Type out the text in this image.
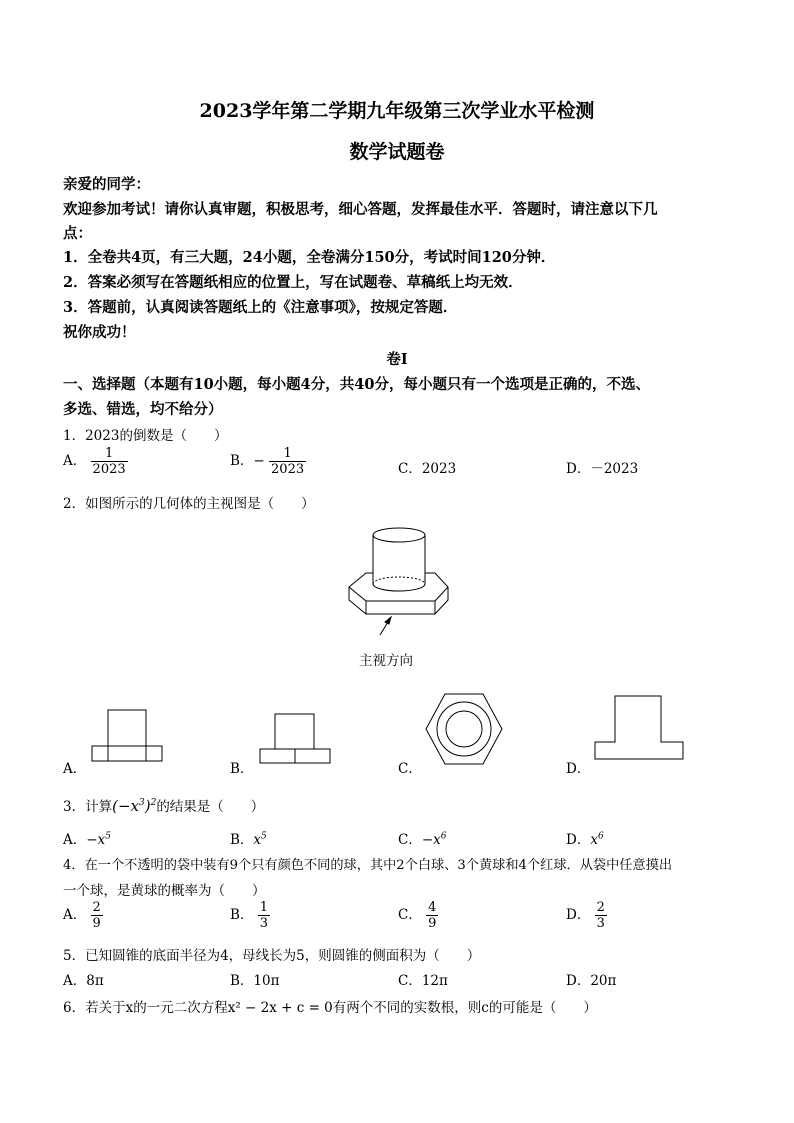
2023学年第二学期九年级第三次学业水平检测
数学试题卷
亲爱的同学：
欢迎参加考试！请你认真审题，积极思考，细心答题，发挥最佳水平．答题时，请注意以下几
点：
1．全卷共4页，有三大题，24小题，全卷满分150分，考试时间120分钟．
2．答案必须写在答题纸相应的位置上，写在试题卷、草稿纸上均无效．
3．答题前，认真阅读答题纸上的《注意事项》，按规定答题．
祝你成功！
卷Ⅰ
一、选择题（本题有10小题，每小题4分，共40分，每小题只有一个选项是正确的，不选、
多选、错选，均不给分）
1．2023的倒数是（　　）
A． $\frac{1}{2023}$	B．− $\frac{1}{2023}$	C．2023	D．－2023
2．如图所示的几何体的主视图是（　　）
主视方向
A．	B．	C．	D．
3．计算$(-x^3)^2$的结果是（　　）
A．$-x^5$	B．$x^5$	C．$-x^6$	D．$x^6$
4．在一个不透明的袋中装有9个只有颜色不同的球，其中2个白球、3个黄球和4个红球．从袋中任意摸出
一个球，是黄球的概率为（　　）
A． $\frac{2}{9}$	B． $\frac{1}{3}$	C． $\frac{4}{9}$	D． $\frac{2}{3}$
5．已知圆锥的底面半径为4，母线长为5，则圆锥的侧面积为（　　）
A．8π	B．10π	C．12π	D．20π
6．若关于x的一元二次方程x² − 2x + c = 0有两个不同的实数根，则c的可能是（　　）
